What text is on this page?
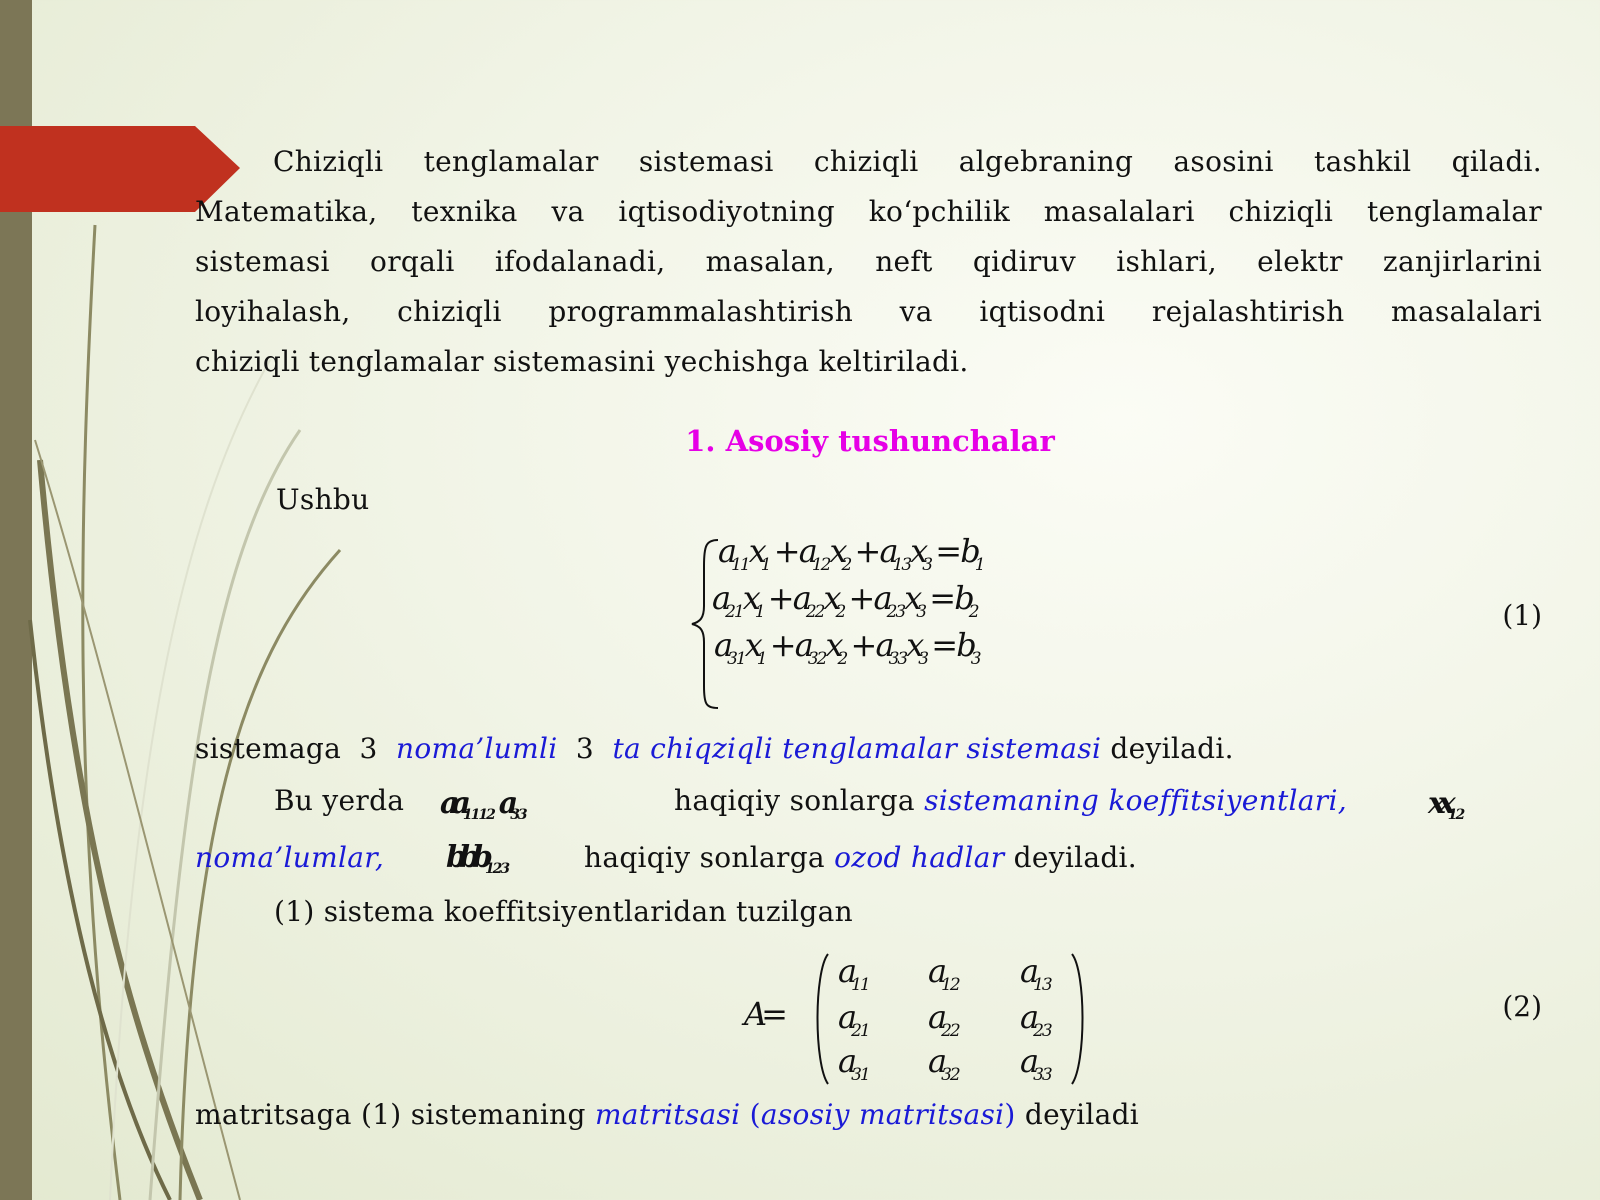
Chiziqli tenglamalar sistemasi chiziqli algebraning asosini tashkil qiladi.
Matematika, texnika va iqtisodiyotning ko‘pchilik masalalari chiziqli tenglamalar
sistemasi orqali ifodalanadi, masalan, neft qidiruv ishlari, elektr zanjirlarini
loyihalash, chiziqli programmalashtirish va iqtisodni rejalashtirish masalalari
chiziqli tenglamalar sistemasini yechishga keltiriladi.
1. Asosiy tushunchalar
Ushbu
$a_{11}x_1 + a_{12}x_2 + a_{13}x_3 = b_1$
$a_{21}x_1 + a_{22}x_2 + a_{23}x_3 = b_2$
$a_{31}x_1 + a_{32}x_2 + a_{33}x_3 = b_3$
(1)
sistemaga 3 noma’lumli 3 ta chiqziqli tenglamalar sistemasi deyiladi.
Bu yerda $aa_{1112}$  $a_{33}$	haqiqiy sonlarga sistemaning koeffitsiyentlari,	$xx_{12}$
noma’lumlar, bbb$_{123}$	haqiqiy sonlarga ozod hadlar deyiladi.
(1) sistema koeffitsiyentlaridan tuzilgan
A=
$a_{11}$ $a_{12}$ $a_{13}$
$a_{21}$ $a_{22}$ $a_{23}$
$a_{31}$ $a_{32}$ $a_{33}$
(2)
matritsaga (1) sistemaning matritsasi (asosiy matritsasi) deyiladi
